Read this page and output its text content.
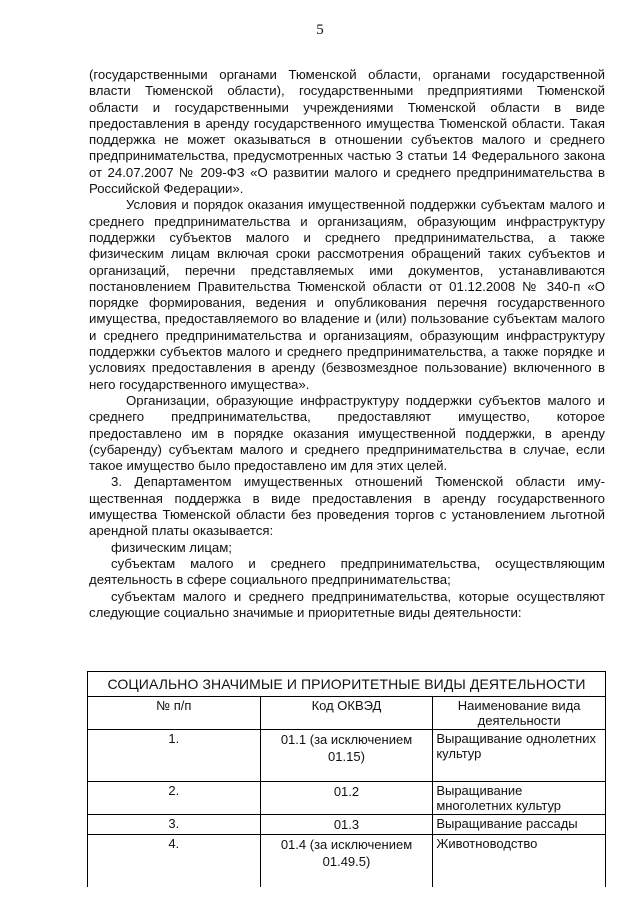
5

(государственными органами Тюменской области, органами государственной власти Тюменской области), государственными предприятиями Тюменской области и государственными учреждениями Тюменской области в виде предоставления в аренду государственного имущества Тюменской области. Такая поддержка не может оказываться в отношении субъектов малого и среднего предпринимательства, предусмотренных частью 3 статьи 14 Федерального закона от 24.07.2007 № 209-ФЗ «О развитии малого и среднего предпринимательства в Российской Федерации».

Условия и порядок оказания имущественной поддержки субъектам малого и среднего предпринимательства и организациям, образующим инфраструктуру поддержки субъектов малого и среднего предпринимательства, а также физическим лицам включая сроки рассмотрения обращений таких субъектов и организаций, перечни представляемых ими документов, устанавливаются постановлением Правительства Тюменской области от 01.12.2008 № 340-п «О порядке формирования, ведения и опубликования перечня государственного имущества, предоставляемого во владение и (или) пользование субъектам малого и среднего предпринимательства и организациям, образующим инфраструктуру поддержки субъектов малого и среднего предпринимательства, а также порядке и условиях предоставления в аренду (безвозмездное пользование) включенного в него государственного имущества».

Организации, образующие инфраструктуру поддержки субъектов малого и среднего предпринимательства, предоставляют имущество, которое предоставлено им в порядке оказания имущественной поддержки, в аренду (субаренду) субъектам малого и среднего предпринимательства в случае, если такое имущество было предоставлено им для этих целей.

3. Департаментом имущественных отношений Тюменской области имущественная поддержка в виде предоставления в аренду государственного имущества Тюменской области без проведения торгов с установлением льготной арендной платы оказывается:

физическим лицам;

субъектам малого и среднего предпринимательства, осуществляющим деятельность в сфере социального предпринимательства;

субъектам малого и среднего предпринимательства, которые осуществляют следующие социально значимые и приоритетные виды деятельности:

СОЦИАЛЬНО ЗНАЧИМЫЕ И ПРИОРИТЕТНЫЕ ВИДЫ ДЕЯТЕЛЬНОСТИ		
№ п/п	Код ОКВЭД	Наименование вида деятельности
1.	01.1 (за исключением 01.15)	Выращивание однолетних культур
2.	01.2	Выращивание многолетних культур
3.	01.3	Выращивание рассады
4.	01.4 (за исключением 01.49.5)	Животноводство
